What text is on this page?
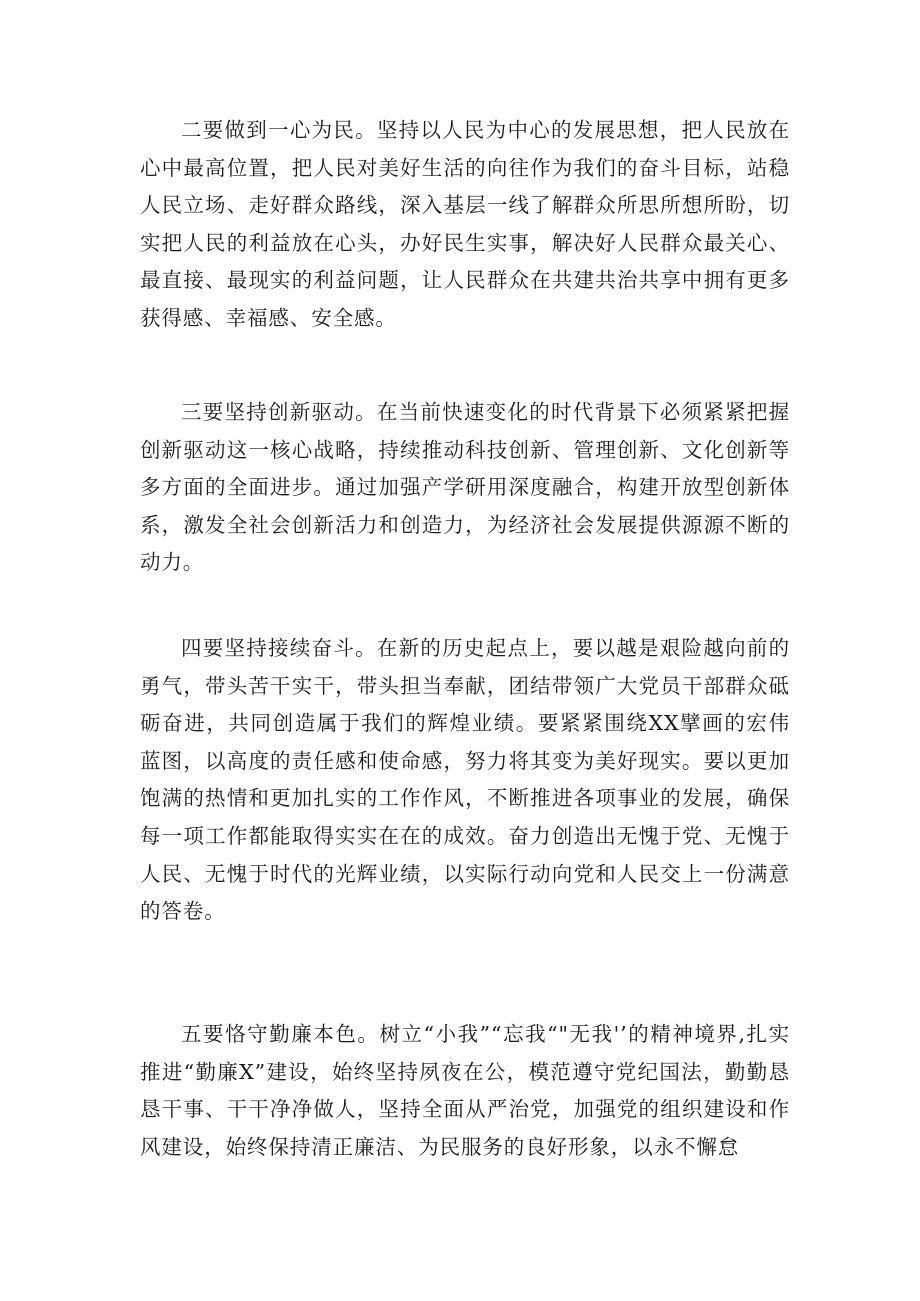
二要做到一心为民。坚持以人民为中心的发展思想，把人民放在心中最高位置，把人民对美好生活的向往作为我们的奋斗目标，站稳人民立场、走好群众路线，深入基层一线了解群众所思所想所盼，切实把人民的利益放在心头，办好民生实事，解决好人民群众最关心、最直接、最现实的利益问题，让人民群众在共建共治共享中拥有更多获得感、幸福感、安全感。

三要坚持创新驱动。在当前快速变化的时代背景下必须紧紧把握创新驱动这一核心战略，持续推动科技创新、管理创新、文化创新等多方面的全面进步。通过加强产学研用深度融合，构建开放型创新体系，激发全社会创新活力和创造力，为经济社会发展提供源源不断的动力。

四要坚持接续奋斗。在新的历史起点上，要以越是艰险越向前的勇气，带头苦干实干，带头担当奉献，团结带领广大党员干部群众砥砺奋进，共同创造属于我们的辉煌业绩。要紧紧围绕XX擘画的宏伟蓝图，以高度的责任感和使命感，努力将其变为美好现实。要以更加饱满的热情和更加扎实的工作作风，不断推进各项事业的发展，确保每一项工作都能取得实实在在的成效。奋力创造出无愧于党、无愧于人民、无愧于时代的光辉业绩，以实际行动向党和人民交上一份满意的答卷。

五要恪守勤廉本色。树立“小我”“忘我“"无我'’的精神境界,扎实推进“勤廉X”建设，始终坚持夙夜在公，模范遵守党纪国法，勤勤恳恳干事、干干净净做人，坚持全面从严治党，加强党的组织建设和作风建设，始终保持清正廉洁、为民服务的良好形象，以永不懈怠
